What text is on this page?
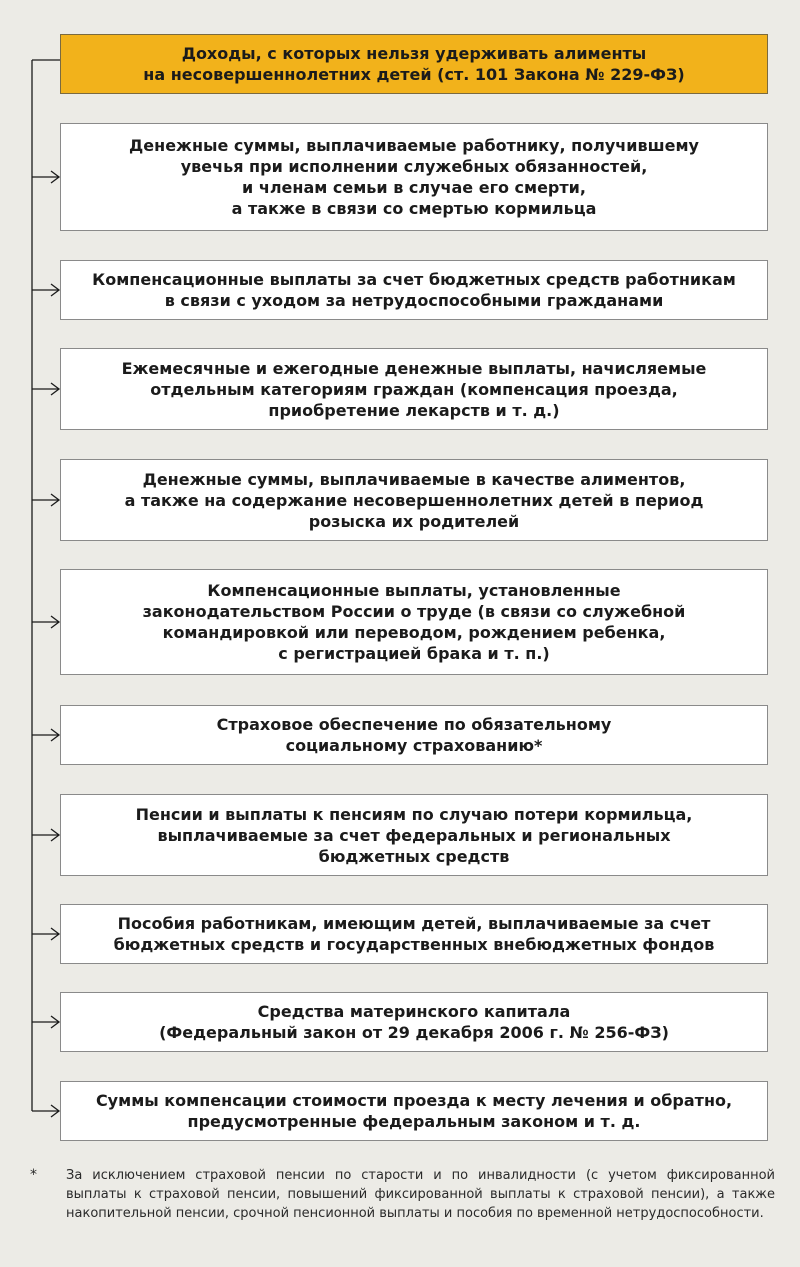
Доходы, с которых нельзя удерживать алименты
на несовершеннолетних детей (ст. 101 Закона № 229-ФЗ)
Денежные суммы, выплачиваемые работнику, получившему
увечья при исполнении служебных обязанностей,
и членам семьи в случае его смерти,
а также в связи со смертью кормильца
Компенсационные выплаты за счет бюджетных средств работникам
в связи с уходом за нетрудоспособными гражданами
Ежемесячные и ежегодные денежные выплаты, начисляемые
отдельным категориям граждан (компенсация проезда,
приобретение лекарств и т. д.)
Денежные суммы, выплачиваемые в качестве алиментов,
а также на содержание несовершеннолетних детей в период
розыска их родителей
Компенсационные выплаты, установленные
законодательством России о труде (в связи со служебной
командировкой или переводом, рождением ребенка,
с регистрацией брака и т. п.)
Страховое обеспечение по обязательному
социальному страхованию*
Пенсии и выплаты к пенсиям по случаю потери кормильца,
выплачиваемые за счет федеральных и региональных
бюджетных средств
Пособия работникам, имеющим детей, выплачиваемые за счет
бюджетных средств и государственных внебюджетных фондов
Средства материнского капитала
(Федеральный закон от 29 декабря 2006 г. № 256-ФЗ)
Суммы компенсации стоимости проезда к месту лечения и обратно,
предусмотренные федеральным законом и т. д.
* За исключением страховой пенсии по старости и по инвалидности (с учетом фиксированной выплаты к страховой пенсии, повышений фиксированной выплаты к страховой пенсии), а также накопительной пенсии, срочной пенсионной выплаты и пособия по временной нетрудоспособности.
